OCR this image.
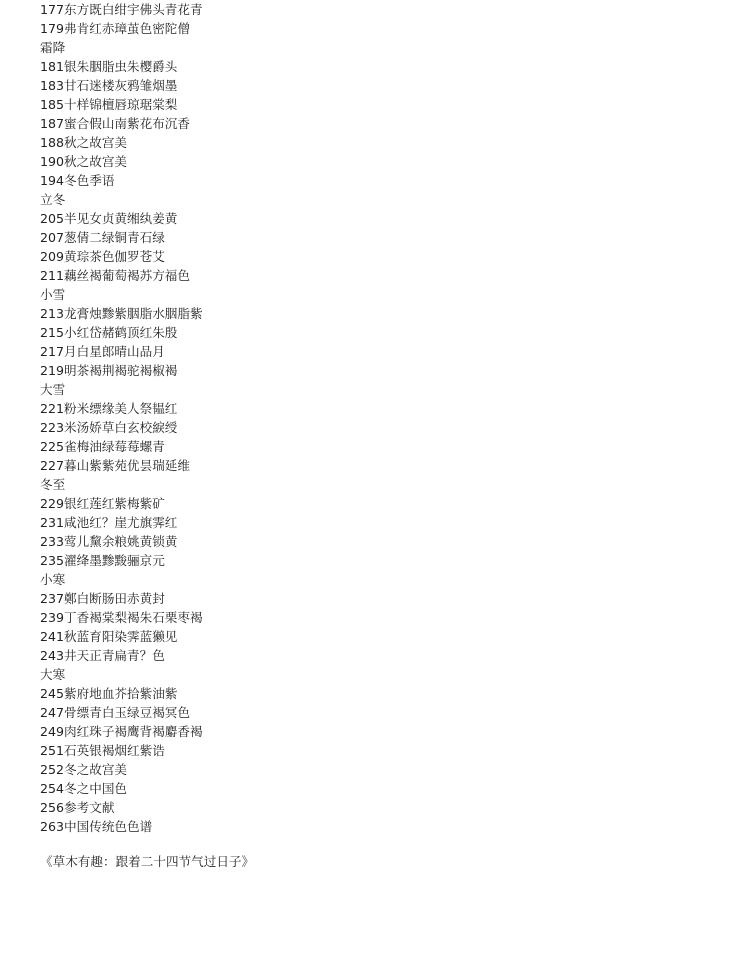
177东方既白绀宇佛头青花青
179弗肯红赤璋茧色密陀僧
霜降
181银朱胭脂虫朱樱爵头
183甘石迷楼灰鸦雏烟墨
185十样锦檀唇琼琚棠梨
187蜜合假山南紫花布沉香
188秋之故宫美
190秋之故宫美
194冬色季语
立冬
205半见女贞黄缃纨姜黄
207葱倩二绿铜青石绿
209黄琮茶色伽罗苍艾
211藕丝褐葡萄褐苏方福色
小雪
213龙膏烛黪紫胭脂水胭脂紫
215小红岱赭鹤顶红朱殷
217月白星郎晴山品月
219明茶褐荆褐驼褐椒褐
大雪
221粉米缥缘美人祭韫红
223米汤娇草白玄校綟绶
225雀梅油绿莓莓螺青
227暮山紫紫苑优昙瑞延维
冬至
229银红莲红紫梅紫矿
231咸池红？崖尤旗霁红
233莺儿黧余粮姚黄锁黄
235濯绛墨黪黢骊京元
小寒
237鄭白断肠田赤黄封
239丁香褐棠梨褐朱石栗枣褐
241秋蓝育阳染霁蓝獭见
243井天正青扁青？色
大寒
245紫府地血芥拾紫油紫
247骨缥青白玉绿豆褐冥色
249肉红珠子褐鹰背褐麝香褐
251石英银褐烟红紫诰
252冬之故宫美
254冬之中国色
256参考文献
263中国传统色色谱
《草木有趣：跟着二十四节气过日子》
